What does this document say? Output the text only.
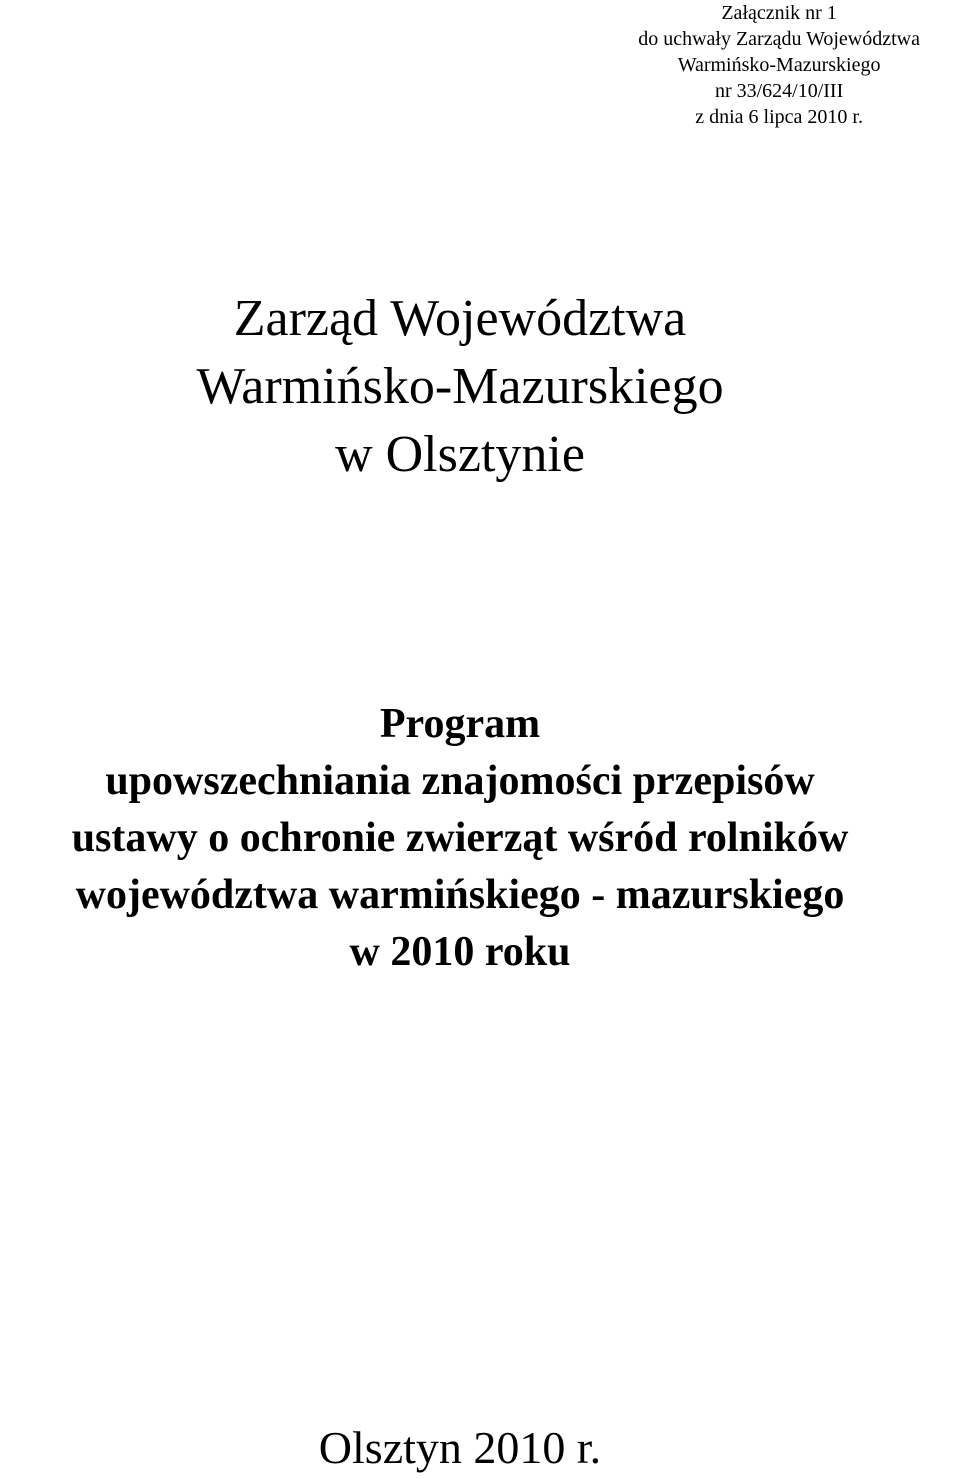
Załącznik nr 1
do uchwały Zarządu Województwa
Warmińsko-Mazurskiego
nr 33/624/10/III
z dnia 6 lipca 2010 r.
Zarząd Województwa
Warmińsko-Mazurskiego
w Olsztynie
Program
upowszechniania znajomości przepisów
ustawy o ochronie zwierząt wśród rolników
województwa warmińskiego - mazurskiego
w 2010 roku
Olsztyn 2010 r.
